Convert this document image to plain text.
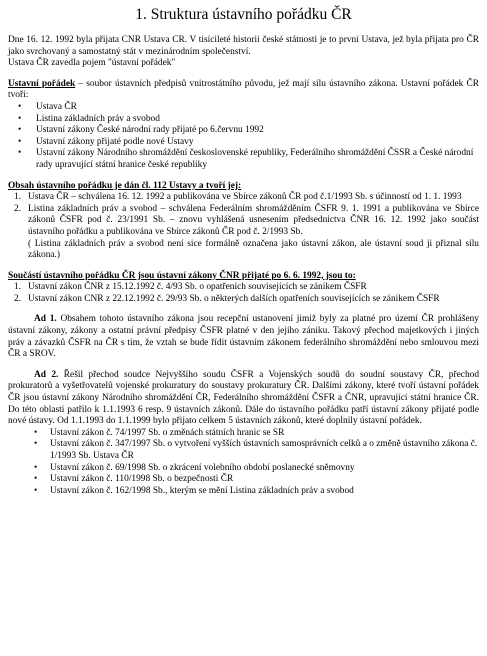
1. Struktura ústavního pořádku ČR

Dne 16. 12. 1992 byla přijata CNR Ustava CR. V tisícileté historii české státnosti je to první Ustava, jež byla přijata pro ČR jako svrchovaný a samostatný stát v mezinárodním společenství.

Ustava ČR zavedla pojem "ústavní pořádek"

Ustavní pořádek – soubor ústavních předpisů vnitrostátního původu, jež mají sílu ústavního zákona. Ustavní pořádek ČR tvoří:

• Ustava ČR
• Listina základních práv a svobod
• Ustavní zákony České národní rady přijaté po 6.červnu 1992
• Ustavní zákony přijaté podle nové Ustavy
• Ustavní zákony Národního shromáždění československé republiky, Federálního shromáždění ČSSR a České národní rady upravující státní hranice české republiky

Obsah ústavního pořádku je dán čl. 112 Ustavy a tvoří jej:

1. Ustava ČR – schválena 16. 12. 1992 a publikována ve Sbírce zákonů ČR pod č.1/1993 Sb. s účinností od 1. 1. 1993
2. Listina základních práv a svobod – schválena Federálním shromážděním ČSFR 9. 1. 1991 a publikována ve Sbírce zákonů ČSFR pod č. 23/1991 Sb. – znovu vyhlášená usnesením předsednictva ČNR 16. 12. 1992 jako součást ústavního pořádku a publikována ve Sbírce zákonů ČR pod č. 2/1993 Sb.
( Listina základních práv a svobod není sice formálně označena jako ústavní zákon, ale ústavní soud ji přiznal sílu zákona.)

Součástí ústavního pořádku ČR jsou ústavní zákony ČNR přijaté po 6. 6. 1992, jsou to:

1. Ustavní zákon ČNR z 15.12.1992 č. 4/93 Sb. o opatřeních souvisejících se zánikem ČSFR
2. Ustavní zákon CNR z 22.12.1992 č. 29/93 Sb. o některých dalších opatřeních souvisejících se zánikem ČSFR

Ad 1. Obsahem tohoto ústavního zákona jsou recepční ustanovení jimiž byly za platné pro území ČR prohlášeny ústavní zákony, zákony a ostatní právní předpisy ČSFR platné v den jejího zániku. Takový přechod majetkových i jiných práv a závazků ČSFR na ČR s tím, že vztah se bude řídit ústavním zákonem federálního shromáždění nebo smlouvou mezi ČR a SROV.

Ad 2. Řešil přechod soudce Nejvyššího soudu ČSFR a Vojenských soudů do soudní soustavy ČR, přechod prokuratorů a vyšetřovatelů vojenské prokuratury do soustavy prokuratury ČR. Dalšími zákony, které tvoří ústavní pořádek ČR jsou ústavní zákony Národního shromáždění ČR, Federálního shromáždění ČSFR a ČNR, upravující státní hranice ČR. Do této oblasti patřilo k 1.1.1993 6 resp. 9 ústavních zákonů. Dále do ústavního pořádku patří ústavní zákony přijaté podle nové ústavy. Od 1.1.1993 do 1.1.1999 bylo přijato celkem 5 ústavních zákonů, které doplnily ústavní pořádek.

• Ustavní zákon č. 74/1997 Sb. o změnách státních hranic se SR
• Ustavní zákon č. 347/1997 Sb. o vytvoření vyšších ústavních samosprávních celků a o změně ústavního zákona č. 1/1993 Sb. Ustava ČR
• Ustavní zákon č. 69/1998 Sb. o zkrácení volebního období poslanecké sněmovny
• Ustavní zákon č. 110/1998 Sb. o bezpečnosti ČR
• Ustavní zákon č. 162/1998 Sb., kterým se mění Listina základních práv a svobod
